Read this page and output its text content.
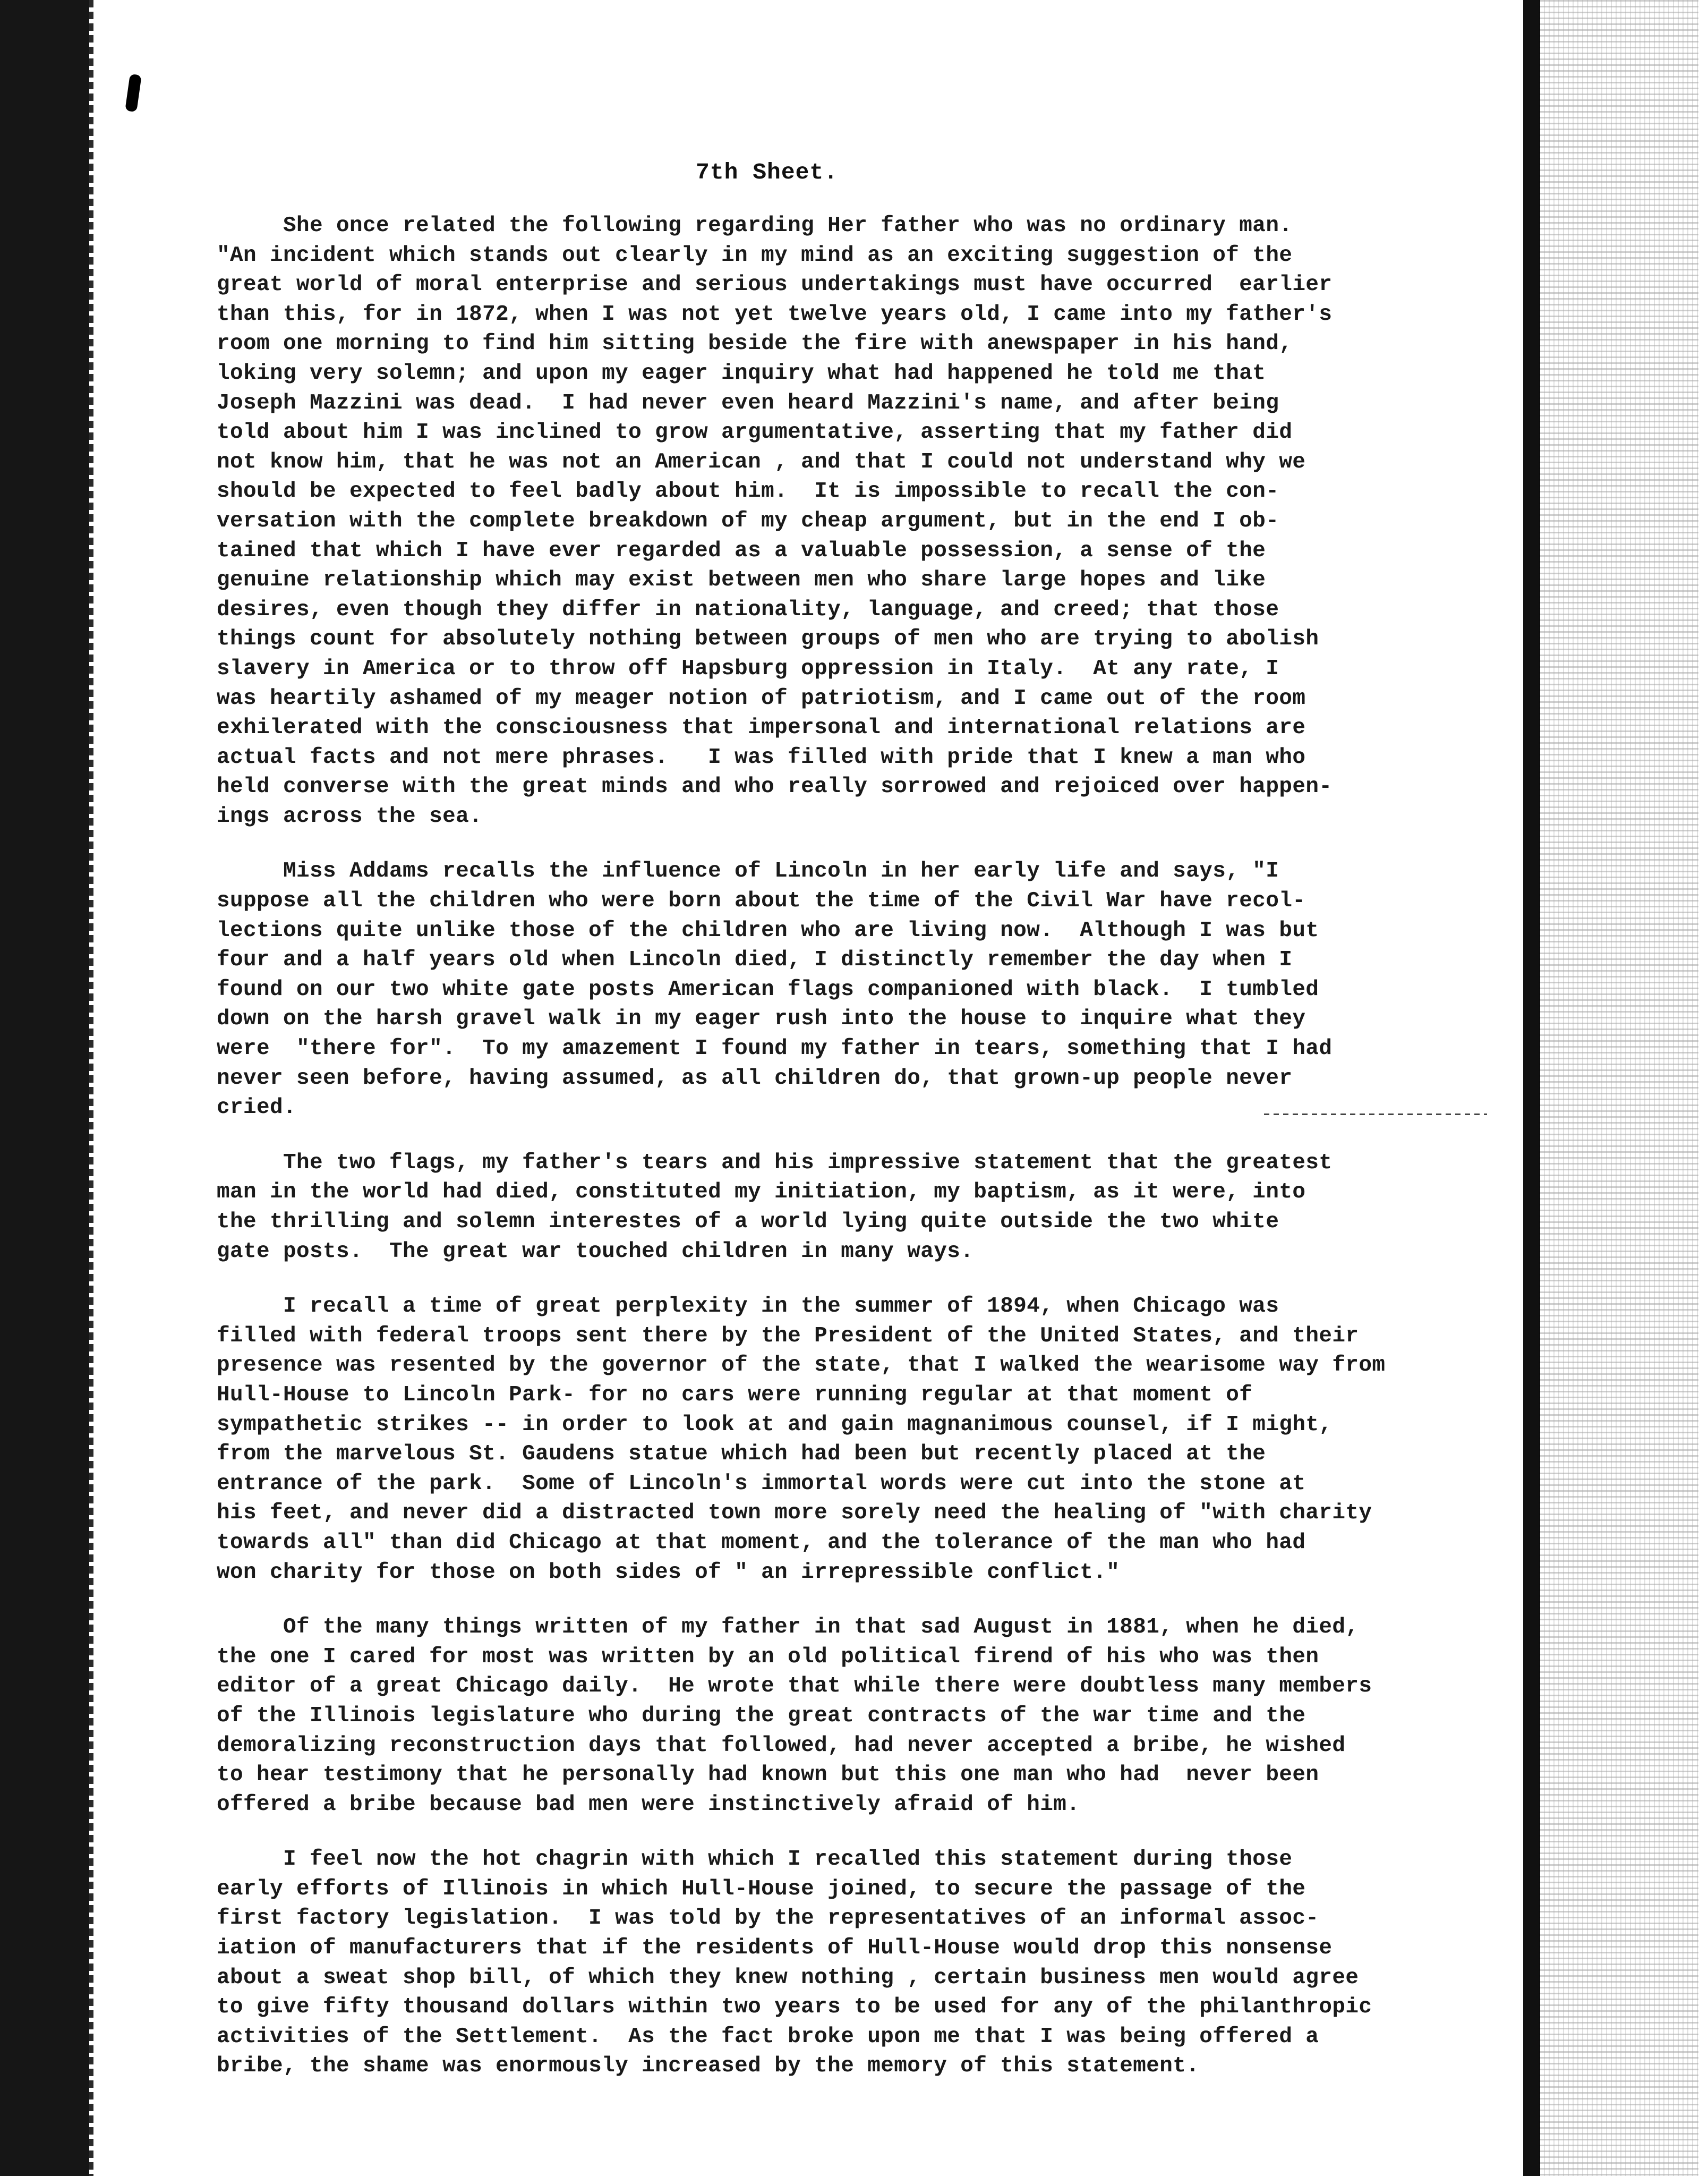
7th Sheet.
She once related the following regarding Her father who was no ordinary man.
"An incident which stands out clearly in my mind as an exciting suggestion of the
great world of moral enterprise and serious undertakings must have occurred  earlier
than this, for in 1872, when I was not yet twelve years old, I came into my father's
room one morning to find him sitting beside the fire with anewspaper in his hand,
loking very solemn; and upon my eager inquiry what had happened he told me that
Joseph Mazzini was dead.  I had never even heard Mazzini's name, and after being
told about him I was inclined to grow argumentative, asserting that my father did
not know him, that he was not an American , and that I could not understand why we
should be expected to feel badly about him.  It is impossible to recall the con-
versation with the complete breakdown of my cheap argument, but in the end I ob-
tained that which I have ever regarded as a valuable possession, a sense of the
genuine relationship which may exist between men who share large hopes and like
desires, even though they differ in nationality, language, and creed; that those
things count for absolutely nothing between groups of men who are trying to abolish
slavery in America or to throw off Hapsburg oppression in Italy.  At any rate, I
was heartily ashamed of my meager notion of patriotism, and I came out of the room
exhilerated with the consciousness that impersonal and international relations are
actual facts and not mere phrases.   I was filled with pride that I knew a man who
held converse with the great minds and who really sorrowed and rejoiced over happen-
ings across the sea.
Miss Addams recalls the influence of Lincoln in her early life and says, "I
suppose all the children who were born about the time of the Civil War have recol-
lections quite unlike those of the children who are living now.  Although I was but
four and a half years old when Lincoln died, I distinctly remember the day when I
found on our two white gate posts American flags companioned with black.  I tumbled
down on the harsh gravel walk in my eager rush into the house to inquire what they
were  "there for".  To my amazement I found my father in tears, something that I had
never seen before, having assumed, as all children do, that grown-up people never
cried.
The two flags, my father's tears and his impressive statement that the greatest
man in the world had died, constituted my initiation, my baptism, as it were, into
the thrilling and solemn interestes of a world lying quite outside the two white
gate posts.  The great war touched children in many ways.
I recall a time of great perplexity in the summer of 1894, when Chicago was
filled with federal troops sent there by the President of the United States, and their
presence was resented by the governor of the state, that I walked the wearisome way from
Hull-House to Lincoln Park- for no cars were running regular at that moment of
sympathetic strikes -- in order to look at and gain magnanimous counsel, if I might,
from the marvelous St. Gaudens statue which had been but recently placed at the
entrance of the park.  Some of Lincoln's immortal words were cut into the stone at
his feet, and never did a distracted town more sorely need the healing of "with charity
towards all" than did Chicago at that moment, and the tolerance of the man who had
won charity for those on both sides of " an irrepressible conflict."
Of the many things written of my father in that sad August in 1881, when he died,
the one I cared for most was written by an old political firend of his who was then
editor of a great Chicago daily.  He wrote that while there were doubtless many members
of the Illinois legislature who during the great contracts of the war time and the
demoralizing reconstruction days that followed, had never accepted a bribe, he wished
to hear testimony that he personally had known but this one man who had  never been
offered a bribe because bad men were instinctively afraid of him.
I feel now the hot chagrin with which I recalled this statement during those
early efforts of Illinois in which Hull-House joined, to secure the passage of the
first factory legislation.  I was told by the representatives of an informal assoc-
iation of manufacturers that if the residents of Hull-House would drop this nonsense
about a sweat shop bill, of which they knew nothing , certain business men would agree
to give fifty thousand dollars within two years to be used for any of the philanthropic
activities of the Settlement.  As the fact broke upon me that I was being offered a
bribe, the shame was enormously increased by the memory of this statement.
